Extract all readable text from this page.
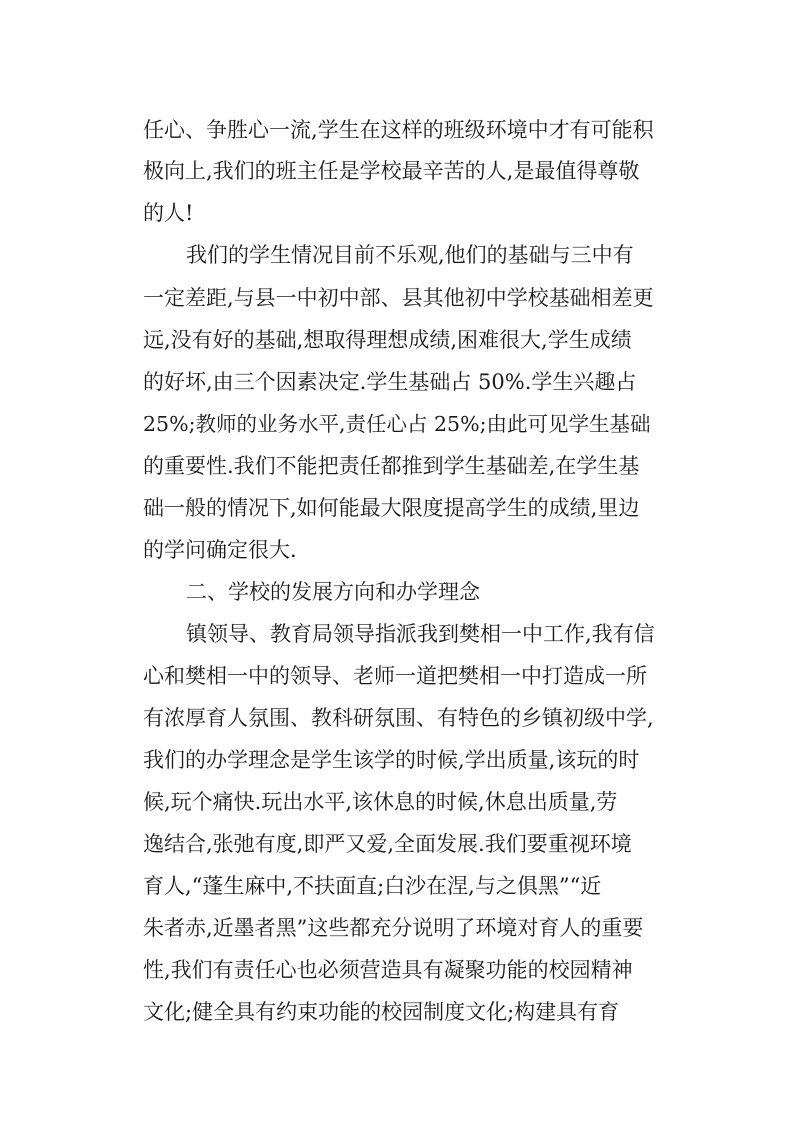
任心、争胜心一流,学生在这样的班级环境中才有可能积
极向上,我们的班主任是学校最辛苦的人,是最值得尊敬
的人!
我们的学生情况目前不乐观,他们的基础与三中有
一定差距,与县一中初中部、县其他初中学校基础相差更
远,没有好的基础,想取得理想成绩,困难很大,学生成绩
的好坏,由三个因素决定.学生基础占 50%.学生兴趣占
25%;教师的业务水平,责任心占 25%;由此可见学生基础
的重要性.我们不能把责任都推到学生基础差,在学生基
础一般的情况下,如何能最大限度提高学生的成绩,里边
的学问确定很大.
二、学校的发展方向和办学理念
镇领导、教育局领导指派我到樊相一中工作,我有信
心和樊相一中的领导、老师一道把樊相一中打造成一所
有浓厚育人氛围、教科研氛围、有特色的乡镇初级中学,
我们的办学理念是学生该学的时候,学出质量,该玩的时
候,玩个痛快.玩出水平,该休息的时候,休息出质量,劳
逸结合,张弛有度,即严又爱,全面发展.我们要重视环境
育人,“蓬生麻中,不扶面直;白沙在涅,与之俱黑”“近
朱者赤,近墨者黑”这些都充分说明了环境对育人的重要
性,我们有责任心也必须营造具有凝聚功能的校园精神
文化;健全具有约束功能的校园制度文化;构建具有育
